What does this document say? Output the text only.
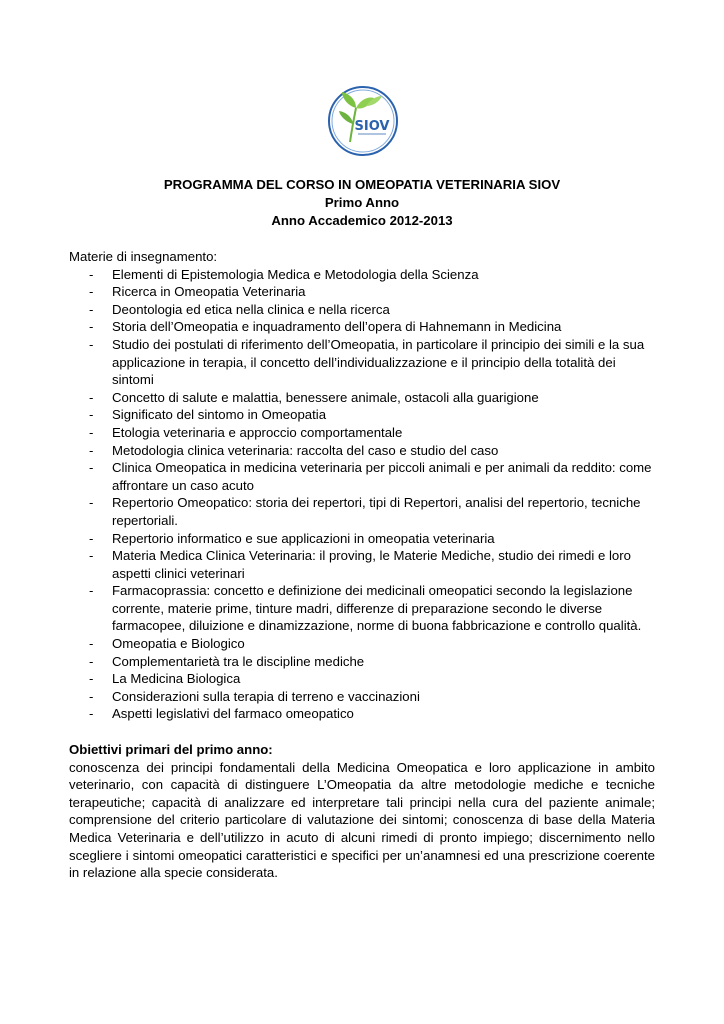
SIOV
PROGRAMMA DEL CORSO IN OMEOPATIA VETERINARIA SIOV
Primo Anno
Anno Accademico 2012-2013

Materie di insegnamento:

- Elementi di Epistemologia Medica e Metodologia della Scienza
- Ricerca in Omeopatia Veterinaria
- Deontologia ed etica nella clinica e nella ricerca
- Storia dell’Omeopatia e inquadramento dell’opera di Hahnemann in Medicina
- Studio dei postulati di riferimento dell’Omeopatia, in particolare il principio dei simili e la sua applicazione in terapia, il concetto dell’individualizzazione e il principio della totalità dei sintomi
- Concetto di salute e malattia, benessere animale, ostacoli alla guarigione
- Significato del sintomo in Omeopatia
- Etologia veterinaria e approccio comportamentale
- Metodologia clinica veterinaria: raccolta del caso e studio del caso
- Clinica Omeopatica in medicina veterinaria per piccoli animali e per animali da reddito: come affrontare un caso acuto
- Repertorio Omeopatico: storia dei repertori, tipi di Repertori, analisi del repertorio, tecniche repertoriali.
- Repertorio informatico e sue applicazioni in omeopatia veterinaria
- Materia Medica Clinica Veterinaria: il proving, le Materie Mediche, studio dei rimedi e loro aspetti clinici veterinari
- Farmacoprassia: concetto e definizione dei medicinali omeopatici secondo la legislazione corrente, materie prime, tinture madri, differenze di preparazione secondo le diverse farmacopee, diluizione e dinamizzazione, norme di buona fabbricazione e controllo qualità.
- Omeopatia e Biologico
- Complementarietà tra le discipline mediche
- La Medicina Biologica
- Considerazioni sulla terapia di terreno e vaccinazioni
- Aspetti legislativi del farmaco omeopatico
Obiettivi primari del primo anno:

conoscenza dei principi fondamentali della Medicina Omeopatica e loro applicazione in ambito veterinario, con capacità di distinguere L’Omeopatia da altre metodologie mediche e tecniche terapeutiche; capacità di analizzare ed interpretare tali principi nella cura del paziente animale; comprensione del criterio particolare di valutazione dei sintomi; conoscenza di base della Materia Medica Veterinaria e dell’utilizzo in acuto di alcuni rimedi di pronto impiego; discernimento nello scegliere i sintomi omeopatici caratteristici e specifici per un’anamnesi ed una prescrizione coerente in relazione alla specie considerata.
